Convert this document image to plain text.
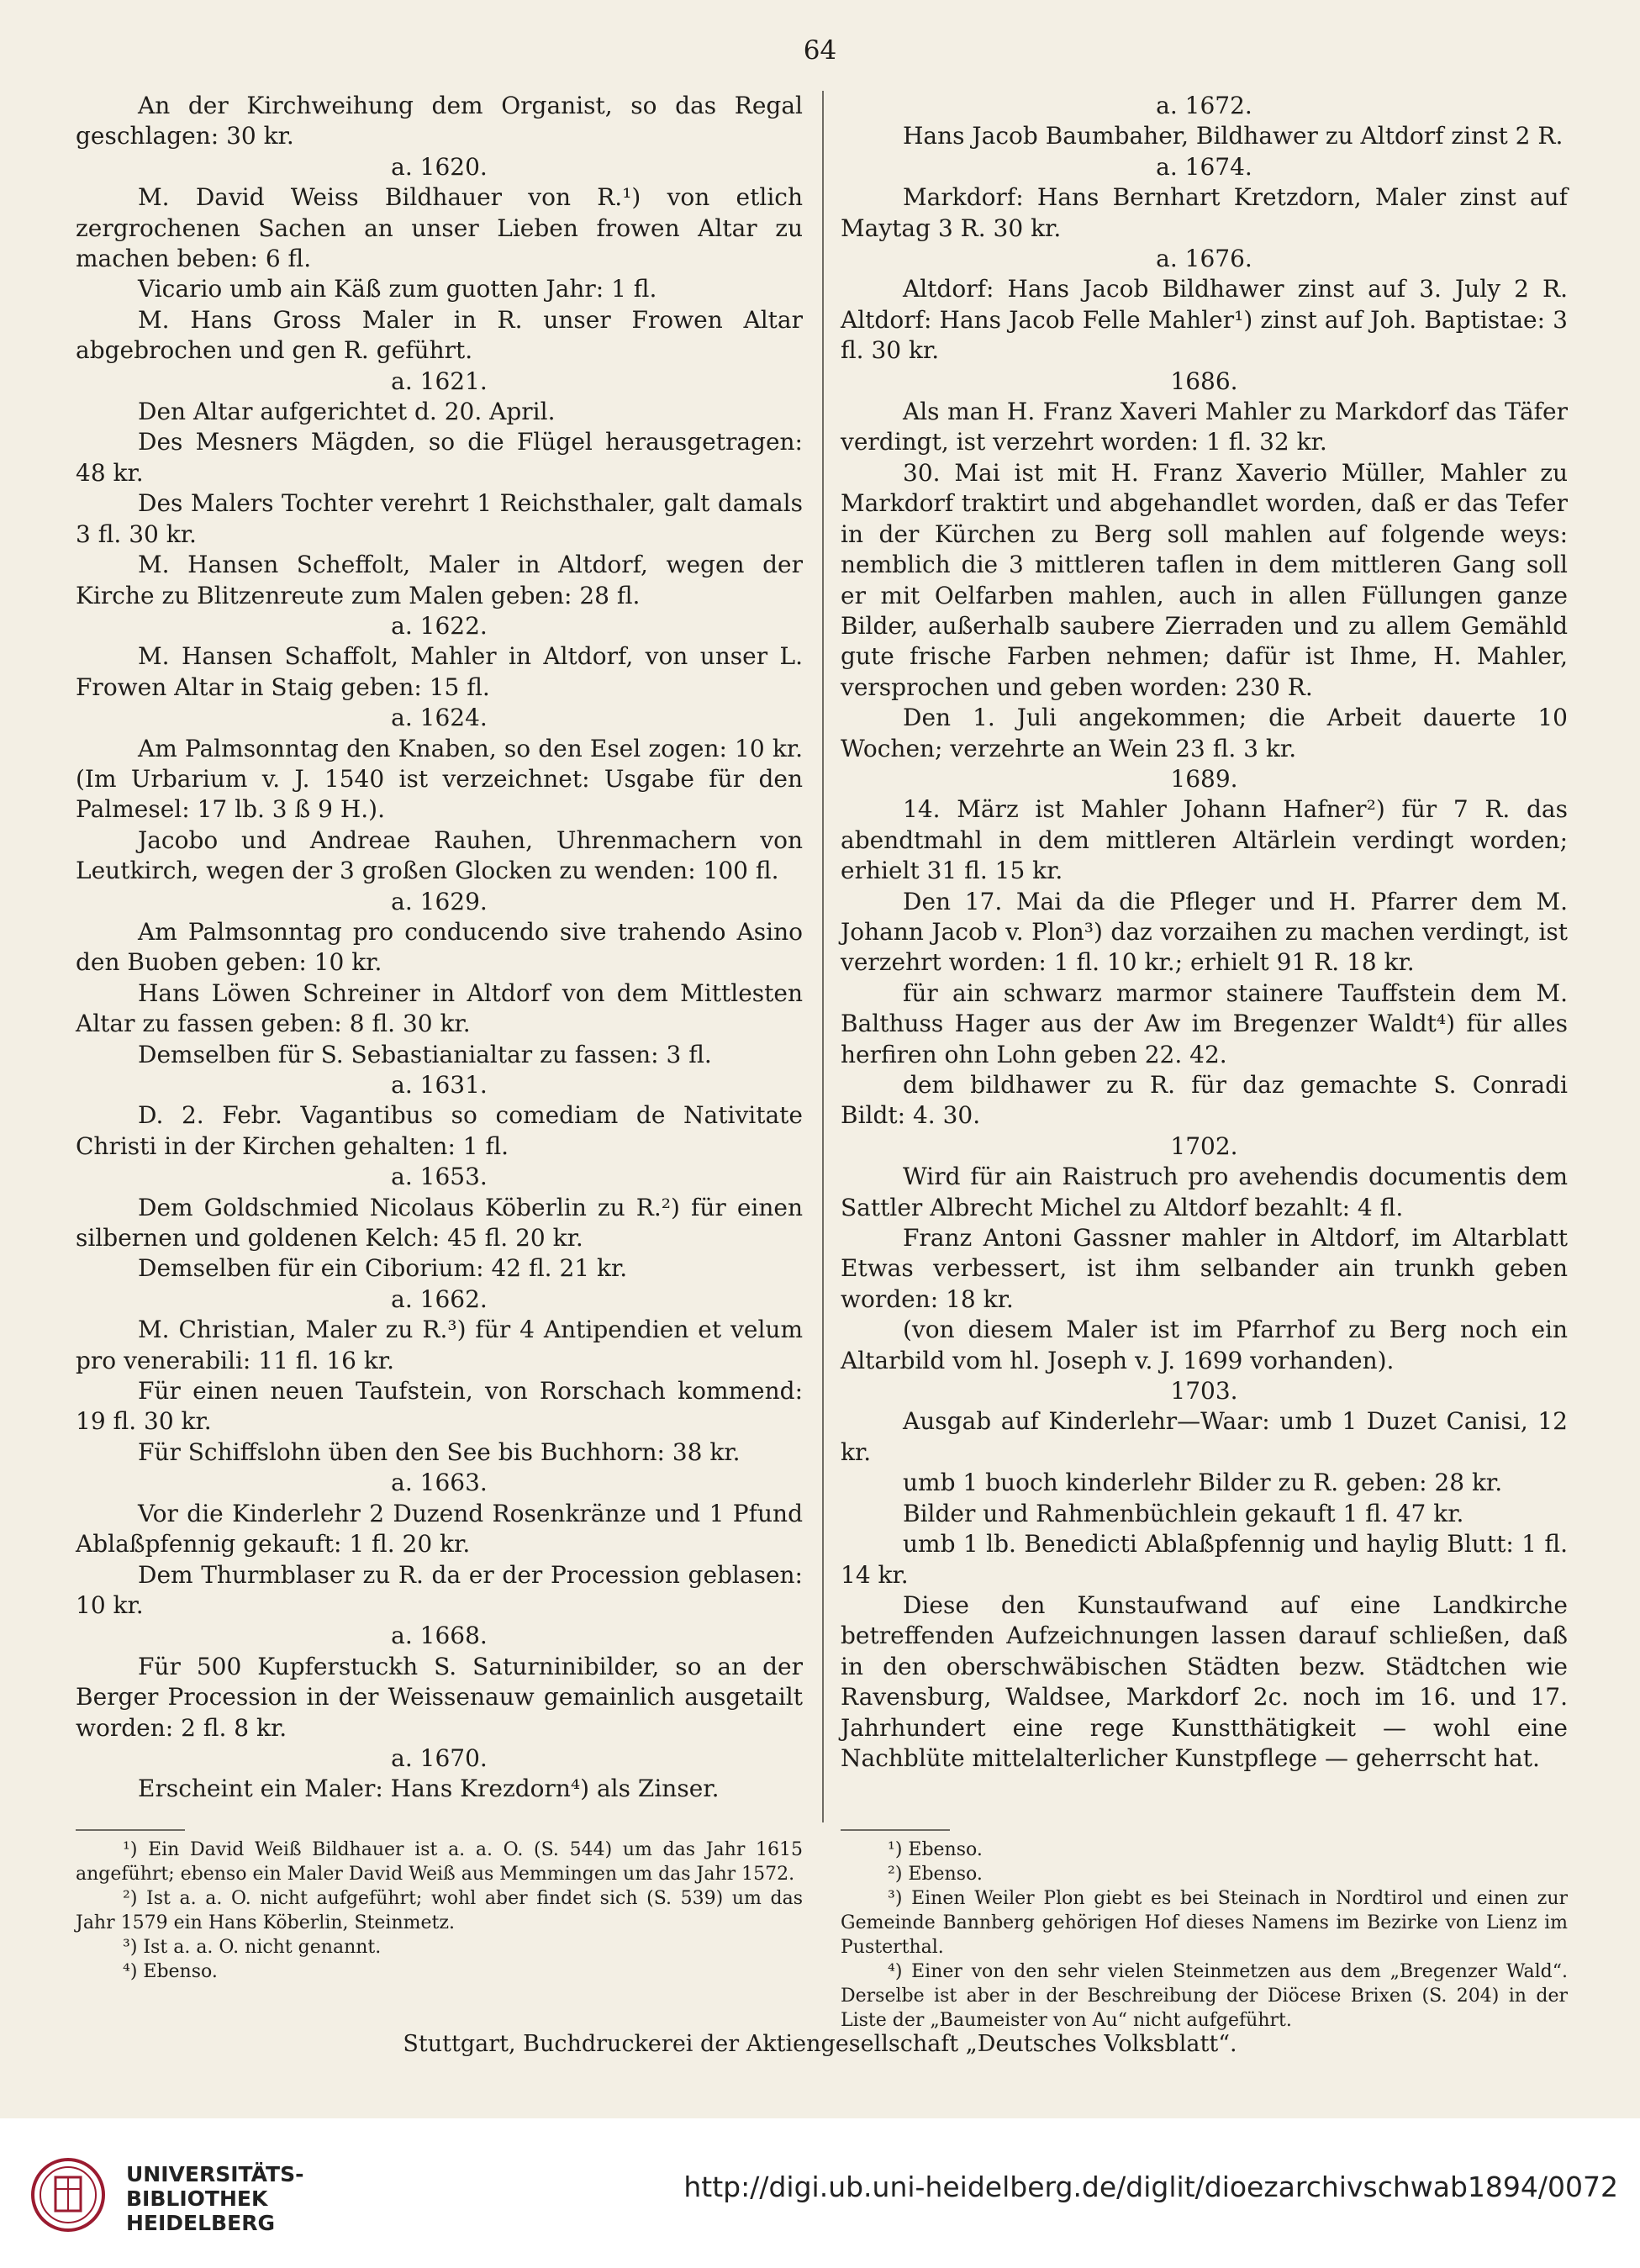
64

An der Kirchweihung dem Organist, so das Regal geschlagen: 30 kr.

a. 1620.

M. David Weiss Bildhauer von R.¹) von etlich zergrochenen Sachen an unser Lieben frowen Altar zu machen beben: 6 fl.

Vicario umb ain Käß zum guotten Jahr: 1 fl.

M. Hans Gross Maler in R. unser Frowen Altar abgebrochen und gen R. geführt.

a. 1621.

Den Altar aufgerichtet d. 20. April.

Des Mesners Mägden, so die Flügel herausgetragen: 48 kr.

Des Malers Tochter verehrt 1 Reichsthaler, galt damals 3 fl. 30 kr.

M. Hansen Scheffolt, Maler in Altdorf, wegen der Kirche zu Blitzenreute zum Malen geben: 28 fl.

a. 1622.

M. Hansen Schaffolt, Mahler in Altdorf, von unser L. Frowen Altar in Staig geben: 15 fl.

a. 1624.

Am Palmsonntag den Knaben, so den Esel zogen: 10 kr. (Im Urbarium v. J. 1540 ist verzeichnet: Usgabe für den Palmesel: 17 lb. 3 ß 9 H.).

Jacobo und Andreae Rauhen, Uhrenmachern von Leutkirch, wegen der 3 großen Glocken zu wenden: 100 fl.

a. 1629.

Am Palmsonntag pro conducendo sive trahendo Asino den Buoben geben: 10 kr.

Hans Löwen Schreiner in Altdorf von dem Mittlesten Altar zu fassen geben: 8 fl. 30 kr.

Demselben für S. Sebastianialtar zu fassen: 3 fl.

a. 1631.

D. 2. Febr. Vagantibus so comediam de Nativitate Christi in der Kirchen gehalten: 1 fl.

a. 1653.

Dem Goldschmied Nicolaus Köberlin zu R.²) für einen silbernen und goldenen Kelch: 45 fl. 20 kr.

Demselben für ein Ciborium: 42 fl. 21 kr.

a. 1662.

M. Christian, Maler zu R.³) für 4 Antipendien et velum pro venerabili: 11 fl. 16 kr.

Für einen neuen Taufstein, von Rorschach kommend: 19 fl. 30 kr.

Für Schiffslohn üben den See bis Buchhorn: 38 kr.

a. 1663.

Vor die Kinderlehr 2 Duzend Rosenkränze und 1 Pfund Ablaßpfennig gekauft: 1 fl. 20 kr.

Dem Thurmblaser zu R. da er der Procession geblasen: 10 kr.

a. 1668.

Für 500 Kupferstuckh S. Saturninibilder, so an der Berger Procession in der Weissenauw gemainlich ausgetailt worden: 2 fl. 8 kr.

a. 1670.

Erscheint ein Maler: Hans Krezdorn⁴) als Zinser.

a. 1672.

Hans Jacob Baumbaher, Bildhawer zu Altdorf zinst 2 R.

a. 1674.

Markdorf: Hans Bernhart Kretzdorn, Maler zinst auf Maytag 3 R. 30 kr.

a. 1676.

Altdorf: Hans Jacob Bildhawer zinst auf 3. July 2 R. Altdorf: Hans Jacob Felle Mahler¹) zinst auf Joh. Baptistae: 3 fl. 30 kr.

1686.

Als man H. Franz Xaveri Mahler zu Markdorf das Täfer verdingt, ist verzehrt worden: 1 fl. 32 kr.

30. Mai ist mit H. Franz Xaverio Müller, Mahler zu Markdorf traktirt und abgehandlet worden, daß er das Tefer in der Kürchen zu Berg soll mahlen auf folgende weys: nemblich die 3 mittleren taflen in dem mittleren Gang soll er mit Oelfarben mahlen, auch in allen Füllungen ganze Bilder, außerhalb saubere Zierraden und zu allem Gemähld gute frische Farben nehmen; dafür ist Ihme, H. Mahler, versprochen und geben worden: 230 R.

Den 1. Juli angekommen; die Arbeit dauerte 10 Wochen; verzehrte an Wein 23 fl. 3 kr.

1689.

14. März ist Mahler Johann Hafner²) für 7 R. das abendtmahl in dem mittleren Altärlein verdingt worden; erhielt 31 fl. 15 kr.

Den 17. Mai da die Pfleger und H. Pfarrer dem M. Johann Jacob v. Plon³) daz vorzaihen zu machen verdingt, ist verzehrt worden: 1 fl. 10 kr.; erhielt 91 R. 18 kr.

für ain schwarz marmor stainere Tauffstein dem M. Balthuss Hager aus der Aw im Bregenzer Waldt⁴) für alles herfiren ohn Lohn geben 22. 42.

dem bildhawer zu R. für daz gemachte S. Conradi Bildt: 4. 30.

1702.

Wird für ain Raistruch pro avehendis documentis dem Sattler Albrecht Michel zu Altdorf bezahlt: 4 fl.

Franz Antoni Gassner mahler in Altdorf, im Altarblatt Etwas verbessert, ist ihm selbander ain trunkh geben worden: 18 kr.

(von diesem Maler ist im Pfarrhof zu Berg noch ein Altarbild vom hl. Joseph v. J. 1699 vorhanden).

1703.

Ausgab auf Kinderlehr—Waar: umb 1 Duzet Canisi, 12 kr.

umb 1 buoch kinderlehr Bilder zu R. geben: 28 kr.

Bilder und Rahmenbüchlein gekauft 1 fl. 47 kr.

umb 1 lb. Benedicti Ablaßpfennig und haylig Blutt: 1 fl. 14 kr.

Diese den Kunstaufwand auf eine Landkirche betreffenden Aufzeichnungen lassen darauf schließen, daß in den oberschwäbischen Städten bezw. Städtchen wie Ravensburg, Waldsee, Markdorf 2c. noch im 16. und 17. Jahrhundert eine rege Kunstthätigkeit — wohl eine Nachblüte mittelalterlicher Kunstpflege — geherrscht hat.

¹) Ein David Weiß Bildhauer ist a. a. O. (S. 544) um das Jahr 1615 angeführt; ebenso ein Maler David Weiß aus Memmingen um das Jahr 1572.

²) Ist a. a. O. nicht aufgeführt; wohl aber findet sich (S. 539) um das Jahr 1579 ein Hans Köberlin, Steinmetz.

³) Ist a. a. O. nicht genannt.

⁴) Ebenso.

¹) Ebenso.

²) Ebenso.

³) Einen Weiler Plon giebt es bei Steinach in Nordtirol und einen zur Gemeinde Bannberg gehörigen Hof dieses Namens im Bezirke von Lienz im Pusterthal.

⁴) Einer von den sehr vielen Steinmetzen aus dem „Bregenzer Wald“. Derselbe ist aber in der Beschreibung der Diöcese Brixen (S. 204) in der Liste der „Baumeister von Au“ nicht aufgeführt.

Stuttgart, Buchdruckerei der Aktiengesellschaft „Deutsches Volksblatt“.
UNIVERSITÄTS-
BIBLIOTHEK
HEIDELBERG
http://digi.ub.uni-heidelberg.de/diglit/dioezarchivschwab1894/0072
